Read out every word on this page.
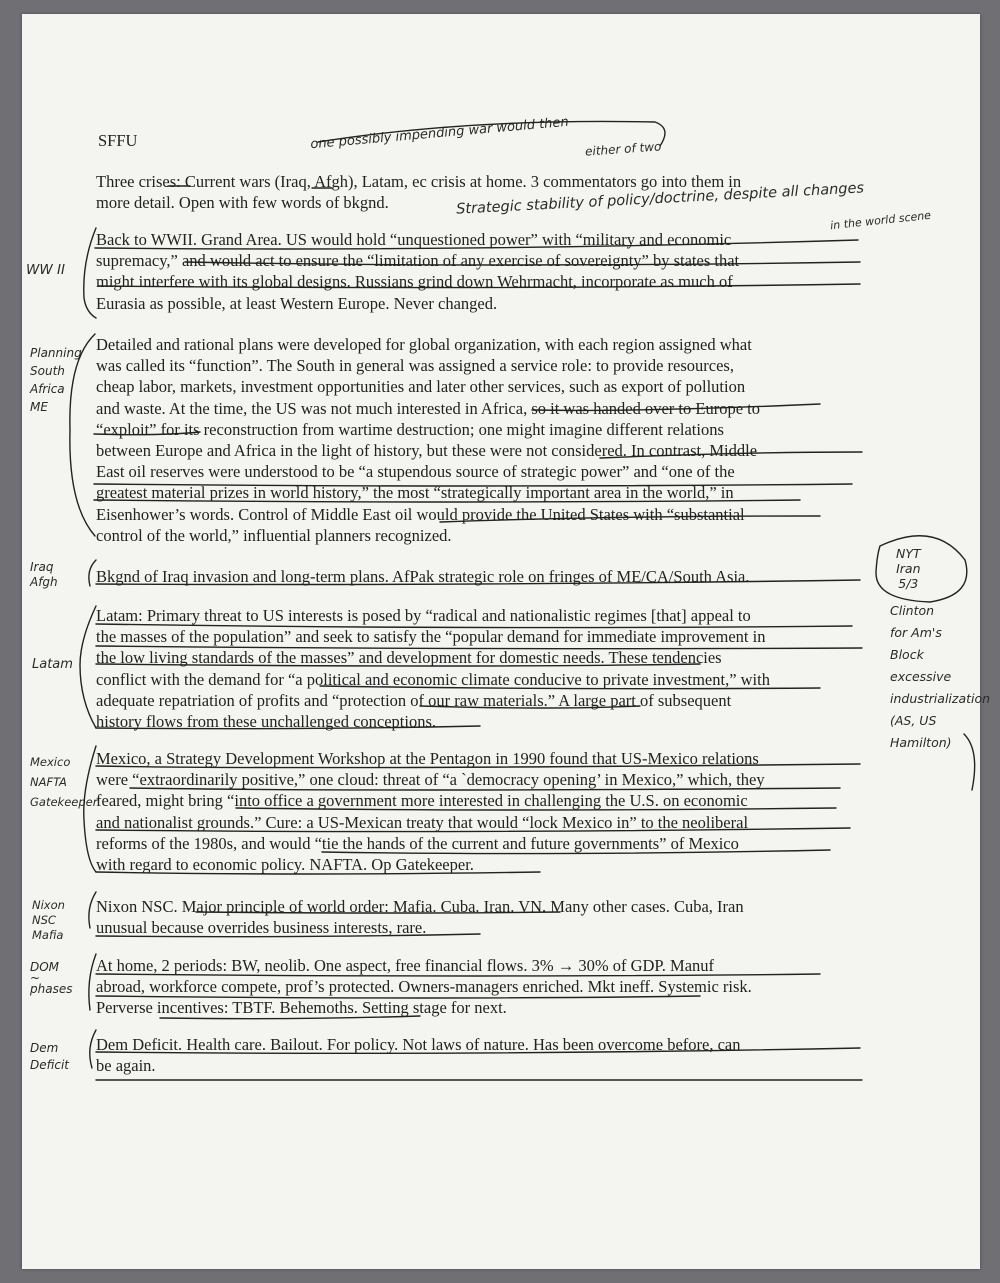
SFFU
Three crises: Current wars (Iraq, Afgh), Latam, ec crisis at home. 3 commentators go into them in
more detail. Open with few words of bkgnd.
Back to WWII. Grand Area. US would hold “unquestioned power” with “military and economic
supremacy,” and would act to ensure the “limitation of any exercise of sovereignty” by states that
might interfere with its global designs. Russians grind down Wehrmacht, incorporate as much of
Eurasia as possible, at least Western Europe. Never changed.
Detailed and rational plans were developed for global organization, with each region assigned what
was called its “function”. The South in general was assigned a service role: to provide resources,
cheap labor, markets, investment opportunities and later other services, such as export of pollution
and waste. At the time, the US was not much interested in Africa, so it was handed over to Europe to
“exploit” for its reconstruction from wartime destruction; one might imagine different relations
between Europe and Africa in the light of history, but these were not considered. In contrast, Middle
East oil reserves were understood to be “a stupendous source of strategic power” and “one of the
greatest material prizes in world history,” the most “strategically important area in the world,” in
Eisenhower’s words. Control of Middle East oil would provide the United States with “substantial
control of the world,” influential planners recognized.
Bkgnd of Iraq invasion and long-term plans. AfPak strategic role on fringes of ME/CA/South Asia.
Latam: Primary threat to US interests is posed by “radical and nationalistic regimes [that] appeal to
the masses of the population” and seek to satisfy the “popular demand for immediate improvement in
the low living standards of the masses” and development for domestic needs. These tendencies
conflict with the demand for “a political and economic climate conducive to private investment,” with
adequate repatriation of profits and “protection of our raw materials.” A large part of subsequent
history flows from these unchallenged conceptions.
Mexico, a Strategy Development Workshop at the Pentagon in 1990 found that US-Mexico relations
were “extraordinarily positive,” one cloud: threat of “a `democracy opening’ in Mexico,” which, they
feared, might bring “into office a government more interested in challenging the U.S. on economic
and nationalist grounds.” Cure: a US-Mexican treaty that would “lock Mexico in” to the neoliberal
reforms of the 1980s, and would “tie the hands of the current and future governments” of Mexico
with regard to economic policy. NAFTA. Op Gatekeeper.
Nixon NSC. Major principle of world order: Mafia. Cuba. Iran. VN. Many other cases. Cuba, Iran
unusual because overrides business interests, rare.
At home, 2 periods: BW, neolib. One aspect, free financial flows. 3% → 30% of GDP. Manuf
abroad, workforce compete, prof’s protected. Owners-managers enriched. Mkt ineff. Systemic risk.
Perverse incentives: TBTF. Behemoths. Setting stage for next.
Dem Deficit. Health care. Bailout. For policy. Not laws of nature. Has been overcome before, can
be again.
one possibly impending war would then either of two
Strategic stability of policy/doctrine, despite all changes
in the world scene
NYT
Iran
5/3
Clinton
for Am's
Block
excessive
industrialization
(AS, US
Hamilton)
WW II
Planning
South
Africa
ME
Iraq
Afgh
Latam
Mexico
NAFTA
Gatekeeper
Nixon
NSC
Mafia
DOM
~
phases
Dem
Deficit
